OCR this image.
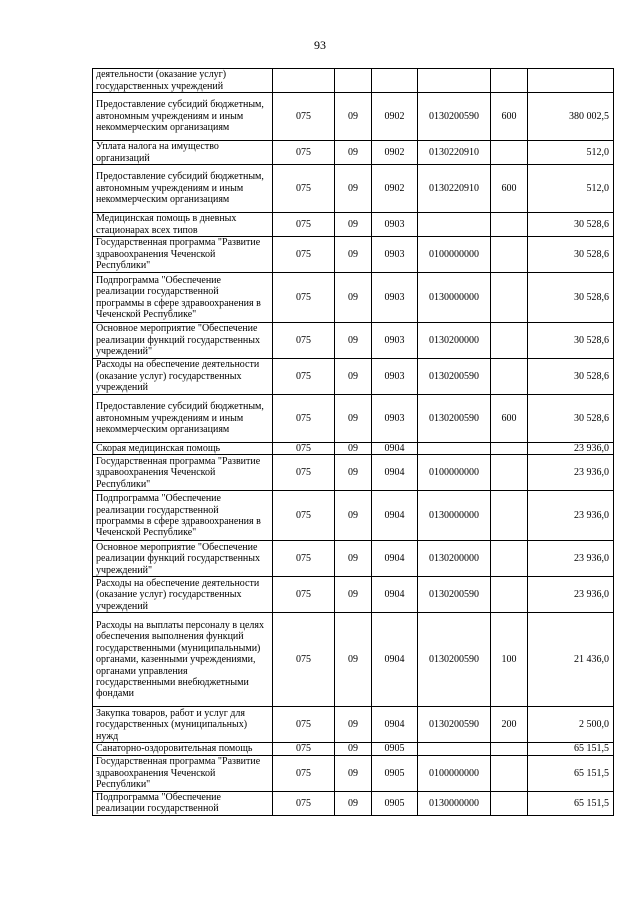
93
деятельности (оказание услуг) государственных учреждений						
Предоставление субсидий бюджетным, автономным учреждениям и иным некоммерческим организациям	075	09	0902	0130200590	600	380 002,5
Уплата налога на имущество организаций	075	09	0902	0130220910		512,0
Предоставление субсидий бюджетным, автономным учреждениям и иным некоммерческим организациям	075	09	0902	0130220910	600	512,0
Медицинская помощь в дневных стационарах всех типов	075	09	0903			30 528,6
Государственная программа "Развитие здравоохранения Чеченской Республики"	075	09	0903	0100000000		30 528,6
Подпрограмма "Обеспечение реализации государственной программы в сфере здравоохранения в Чеченской Республике"	075	09	0903	0130000000		30 528,6
Основное мероприятие "Обеспечение реализации функций государственных учреждений"	075	09	0903	0130200000		30 528,6
Расходы на обеспечение деятельности (оказание услуг) государственных учреждений	075	09	0903	0130200590		30 528,6
Предоставление субсидий бюджетным, автономным учреждениям и иным некоммерческим организациям	075	09	0903	0130200590	600	30 528,6
Скорая медицинская помощь	075	09	0904			23 936,0
Государственная программа "Развитие здравоохранения Чеченской Республики"	075	09	0904	0100000000		23 936,0
Подпрограмма "Обеспечение реализации государственной программы в сфере здравоохранения в Чеченской Республике"	075	09	0904	0130000000		23 936,0
Основное мероприятие "Обеспечение реализации функций государственных учреждений"	075	09	0904	0130200000		23 936,0
Расходы на обеспечение деятельности (оказание услуг) государственных учреждений	075	09	0904	0130200590		23 936,0
Расходы на выплаты персоналу в целях обеспечения выполнения функций государственными (муниципальными) органами, казенными учреждениями, органами управления государственными внебюджетными фондами	075	09	0904	0130200590	100	21 436,0
Закупка товаров, работ и услуг для государственных (муниципальных) нужд	075	09	0904	0130200590	200	2 500,0
Санаторно-оздоровительная помощь	075	09	0905			65 151,5
Государственная программа "Развитие здравоохранения Чеченской Республики"	075	09	0905	0100000000		65 151,5
Подпрограмма "Обеспечение реализации государственной	075	09	0905	0130000000		65 151,5
